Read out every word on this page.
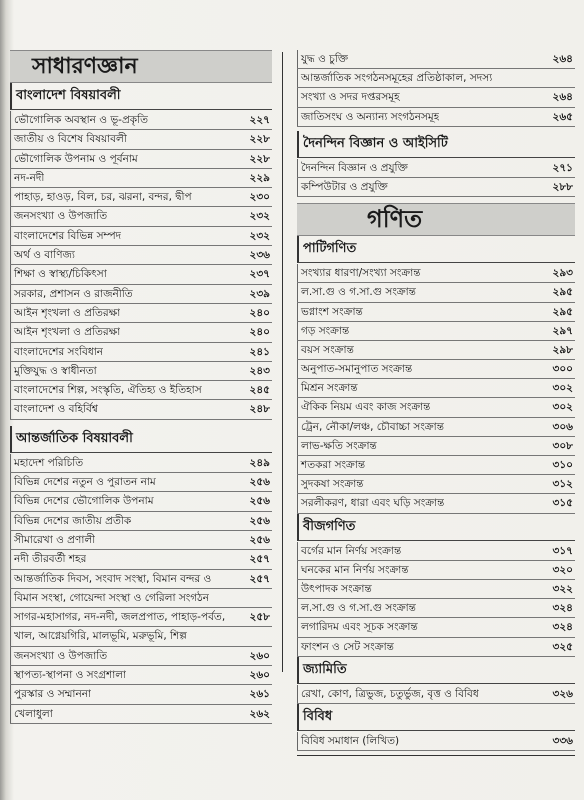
সাধারণজ্ঞান
বাংলাদেশ বিষয়াবলী
ভৌগোলিক অবস্থান ও ভূ-প্রকৃতি	২২৭
জাতীয় ও বিশেষ বিষয়াবলী	২২৮
ভৌগোলিক উপনাম ও পূর্বনাম	২২৮
নদ-নদী	২২৯
পাহাড়, হাওড়, বিল, চর, ঝরনা, বন্দর, দ্বীপ	২৩০
জনসংখ্যা ও উপজাতি	২৩২
বাংলাদেশের বিভিন্ন সম্পদ	২৩২
অর্থ ও বাণিজ্য	২৩৬
শিক্ষা ও স্বাস্থ্য/চিকিৎসা	২৩৭
সরকার, প্রশাসন ও রাজনীতি	২৩৯
আইন শৃংখলা ও প্রতিরক্ষা	২৪০
আইন শৃংখলা ও প্রতিরক্ষা	২৪০
বাংলাদেশের সংবিধান	২৪১
মুক্তিযুদ্ধ ও স্বাধীনতা	২৪৩
বাংলাদেশের শিল্প, সংস্কৃতি, ঐতিহ্য ও ইতিহাস	২৪৫
বাংলাদেশ ও বহির্বিশ্ব	২৪৮
আন্তর্জাতিক বিষয়াবলী
মহাদেশ পরিচিতি	২৪৯
বিভিন্ন দেশের নতুন ও পুরাতন নাম	২৫৬
বিভিন্ন দেশের ভৌগোলিক উপনাম	২৫৬
বিভিন্ন দেশের জাতীয় প্রতীক	২৫৬
সীমারেখা ও প্রণালী	২৫৬
নদী তীরবর্তী শহর	২৫৭
আন্তর্জাতিক দিবস, সংবাদ সংস্থা, বিমান বন্দর ও	২৫৭
বিমান সংস্থা, গোয়েন্দা সংস্থা ও গেরিলা সংগঠন
সাগর-মহাসাগর, নদ-নদী, জলপ্রপাত, পাহাড়-পর্বত,	২৫৮
খাল, আগ্নেয়গিরি, মালভূমি, মরুভূমি, শিল্প
জনসংখ্যা ও উপজাতি	২৬০
স্থাপত্য-স্থাপনা ও সংগ্রশালা	২৬০
পুরস্কার ও সম্মাননা	২৬১
খেলাধুলা	২৬২
যুদ্ধ ও চুক্তি	২৬৪
আন্তর্জাতিক সংগঠনসমূহের প্রতিষ্ঠাকাল, সদস্য
সংখ্যা ও সদর দপ্তরসমূহ	২৬৪
জাতিসংঘ ও অন্যান্য সংগঠনসমূহ	২৬৫
দৈনন্দিন বিজ্ঞান ও আইসিটি
দৈনন্দিন বিজ্ঞান ও প্রযুক্তি	২৭১
কম্পিউটার ও প্রযুক্তি	২৮৮
গণিত
পাটিগণিত
সংখ্যার ধারণা/সংখ্যা সংক্রান্ত	২৯৩
ল.সা.গু ও গ.সা.গু সংক্রান্ত	২৯৫
ভগ্নাংশ সংক্রান্ত	২৯৫
গড় সংক্রান্ত	২৯৭
বয়স সংক্রান্ত	২৯৮
অনুপাত-সমানুপাত সংক্রান্ত	৩০০
মিশ্রন সংক্রান্ত	৩০২
ঐকিক নিয়ম এবং কাজ সংক্রান্ত	৩০২
ট্রেন, নৌকা/লঞ্চ, চৌবাচ্চা সংক্রান্ত	৩০৬
লাভ-ক্ষতি সংক্রান্ত	৩০৮
শতকরা সংক্রান্ত	৩১০
সুদকষা সংক্রান্ত	৩১২
সরলীকরণ, ধারা এবং ঘড়ি সংক্রান্ত	৩১৫
বীজগণিত
বর্গের মান নির্ণয় সংক্রান্ত	৩১৭
ঘনকের মান নির্ণয় সংক্রান্ত	৩২০
উৎপাদক সংক্রান্ত	৩২২
ল.সা.গু ও গ.সা.গু সংক্রান্ত	৩২৪
লগারিদম এবং সূচক সংক্রান্ত	৩২৪
ফাংশন ও সেট সংক্রান্ত	৩২৫
জ্যামিতি
রেখা, কোণ, ত্রিভুজ, চতুর্ভুজ, বৃত্ত ও বিবিধ	৩২৬
বিবিধ
বিবিধ সমাধান (লিখিত)	৩৩৬
